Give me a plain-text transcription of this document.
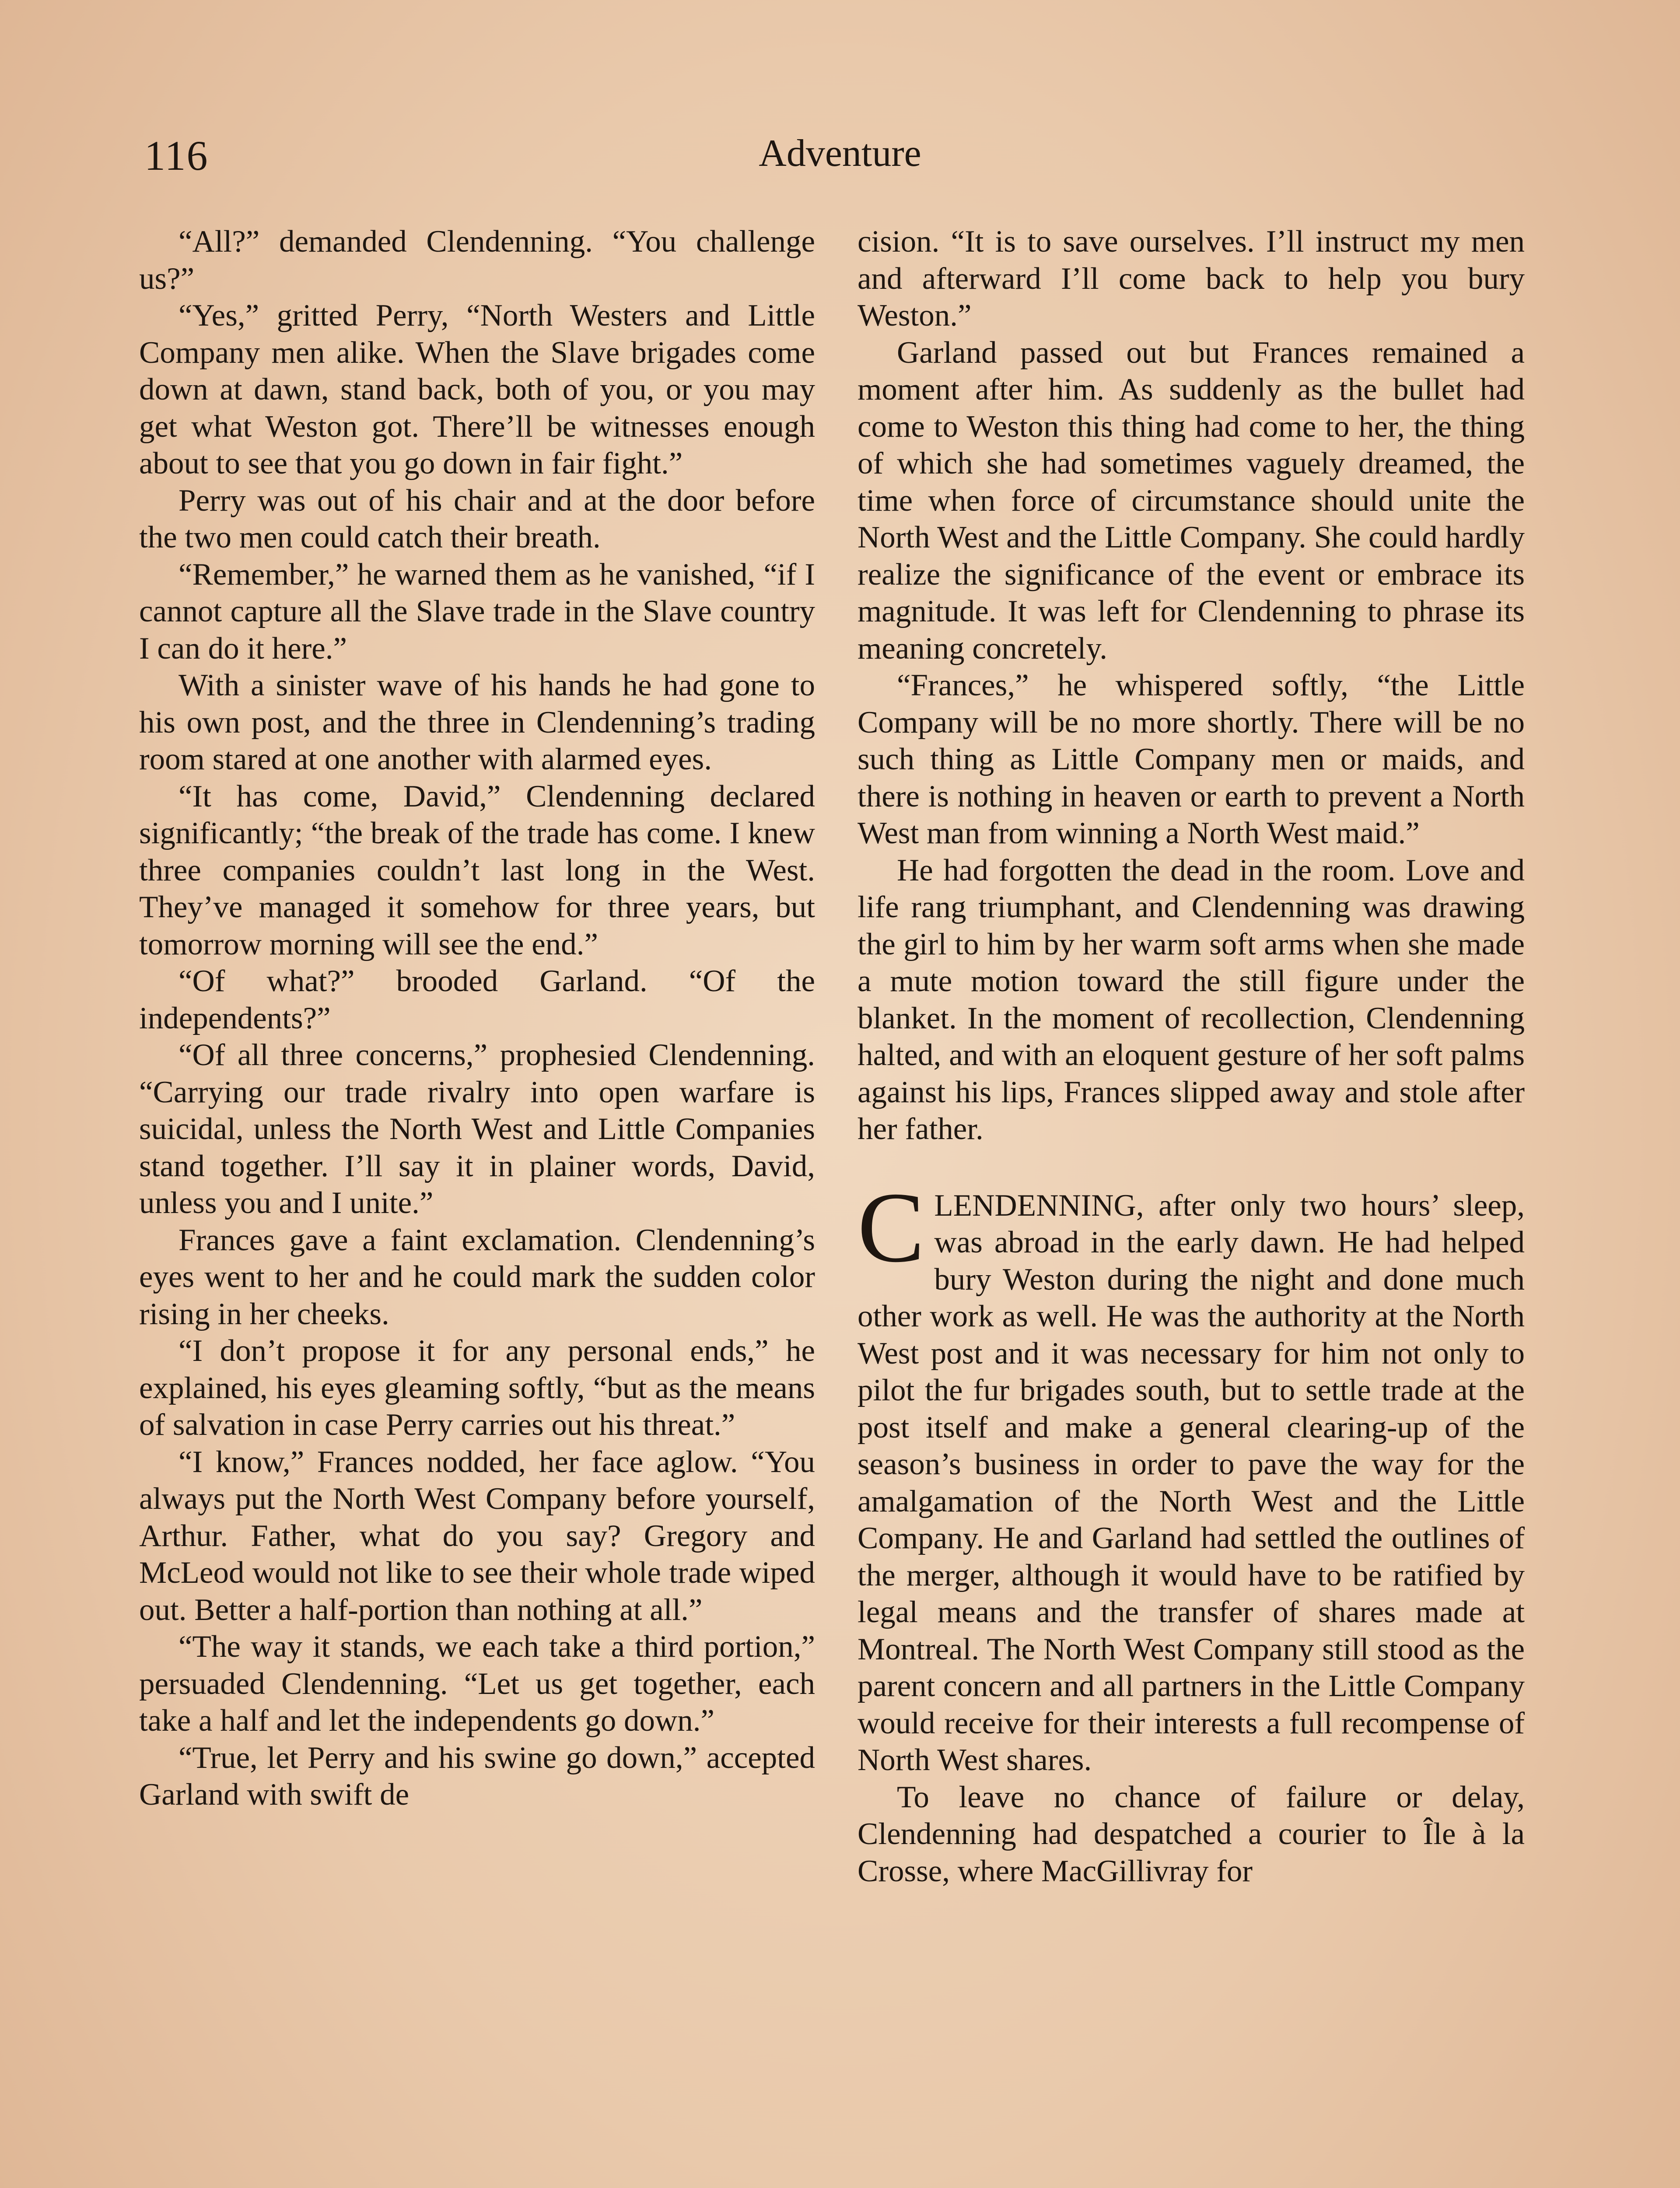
116	Adventure

“All?” demanded Clendenning. “You challenge us?”

“Yes,” gritted Perry, “North Westers and Little Company men alike. When the Slave brigades come down at dawn, stand back, both of you, or you may get what Weston got. There’ll be witnesses enough about to see that you go down in fair fight.”

Perry was out of his chair and at the door before the two men could catch their breath.

“Remember,” he warned them as he vanished, “if I cannot capture all the Slave trade in the Slave country I can do it here.”

With a sinister wave of his hands he had gone to his own post, and the three in Clendenning’s trading room stared at one another with alarmed eyes.

“It has come, David,” Clendenning declared significantly; “the break of the trade has come. I knew three companies couldn’t last long in the West. They’ve managed it somehow for three years, but tomorrow morning will see the end.”

“Of what?” brooded Garland. “Of the independents?”

“Of all three concerns,” prophesied Clendenning. “Carrying our trade rivalry into open warfare is suicidal, unless the North West and Little Companies stand together. I’ll say it in plainer words, David, unless you and I unite.”

Frances gave a faint exclamation. Clendenning’s eyes went to her and he could mark the sudden color rising in her cheeks.

“I don’t propose it for any personal ends,” he explained, his eyes gleaming softly, “but as the means of salvation in case Perry carries out his threat.”

“I know,” Frances nodded, her face aglow. “You always put the North West Company before yourself, Arthur. Father, what do you say? Gregory and McLeod would not like to see their whole trade wiped out. Better a half-portion than nothing at all.”

“The way it stands, we each take a third portion,” persuaded Clendenning. “Let us get together, each take a half and let the independents go down.”

“True, let Perry and his swine go down,” accepted Garland with swift de

cision. “It is to save ourselves. I’ll instruct my men and afterward I’ll come back to help you bury Weston.”

Garland passed out but Frances remained a moment after him. As suddenly as the bullet had come to Weston this thing had come to her, the thing of which she had sometimes vaguely dreamed, the time when force of circumstance should unite the North West and the Little Company. She could hardly realize the significance of the event or embrace its magnitude. It was left for Clendenning to phrase its meaning concretely.

“Frances,” he whispered softly, “the Little Company will be no more shortly. There will be no such thing as Little Company men or maids, and there is nothing in heaven or earth to prevent a North West man from winning a North West maid.”

He had forgotten the dead in the room. Love and life rang triumphant, and Clendenning was drawing the girl to him by her warm soft arms when she made a mute motion toward the still figure under the blanket. In the moment of recollection, Clendenning halted, and with an eloquent gesture of her soft palms against his lips, Frances slipped away and stole after her father.

CLENDENNING, after only two hours’ sleep, was abroad in the early dawn. He had helped bury Weston during the night and done much other work as well. He was the authority at the North West post and it was necessary for him not only to pilot the fur brigades south, but to settle trade at the post itself and make a general clearing-up of the season’s business in order to pave the way for the amalgamation of the North West and the Little Company. He and Garland had settled the outlines of the merger, although it would have to be ratified by legal means and the transfer of shares made at Montreal. The North West Company still stood as the parent concern and all partners in the Little Company would receive for their interests a full recompense of North West shares.

To leave no chance of failure or delay, Clendenning had despatched a courier to Île à la Crosse, where MacGillivray for
